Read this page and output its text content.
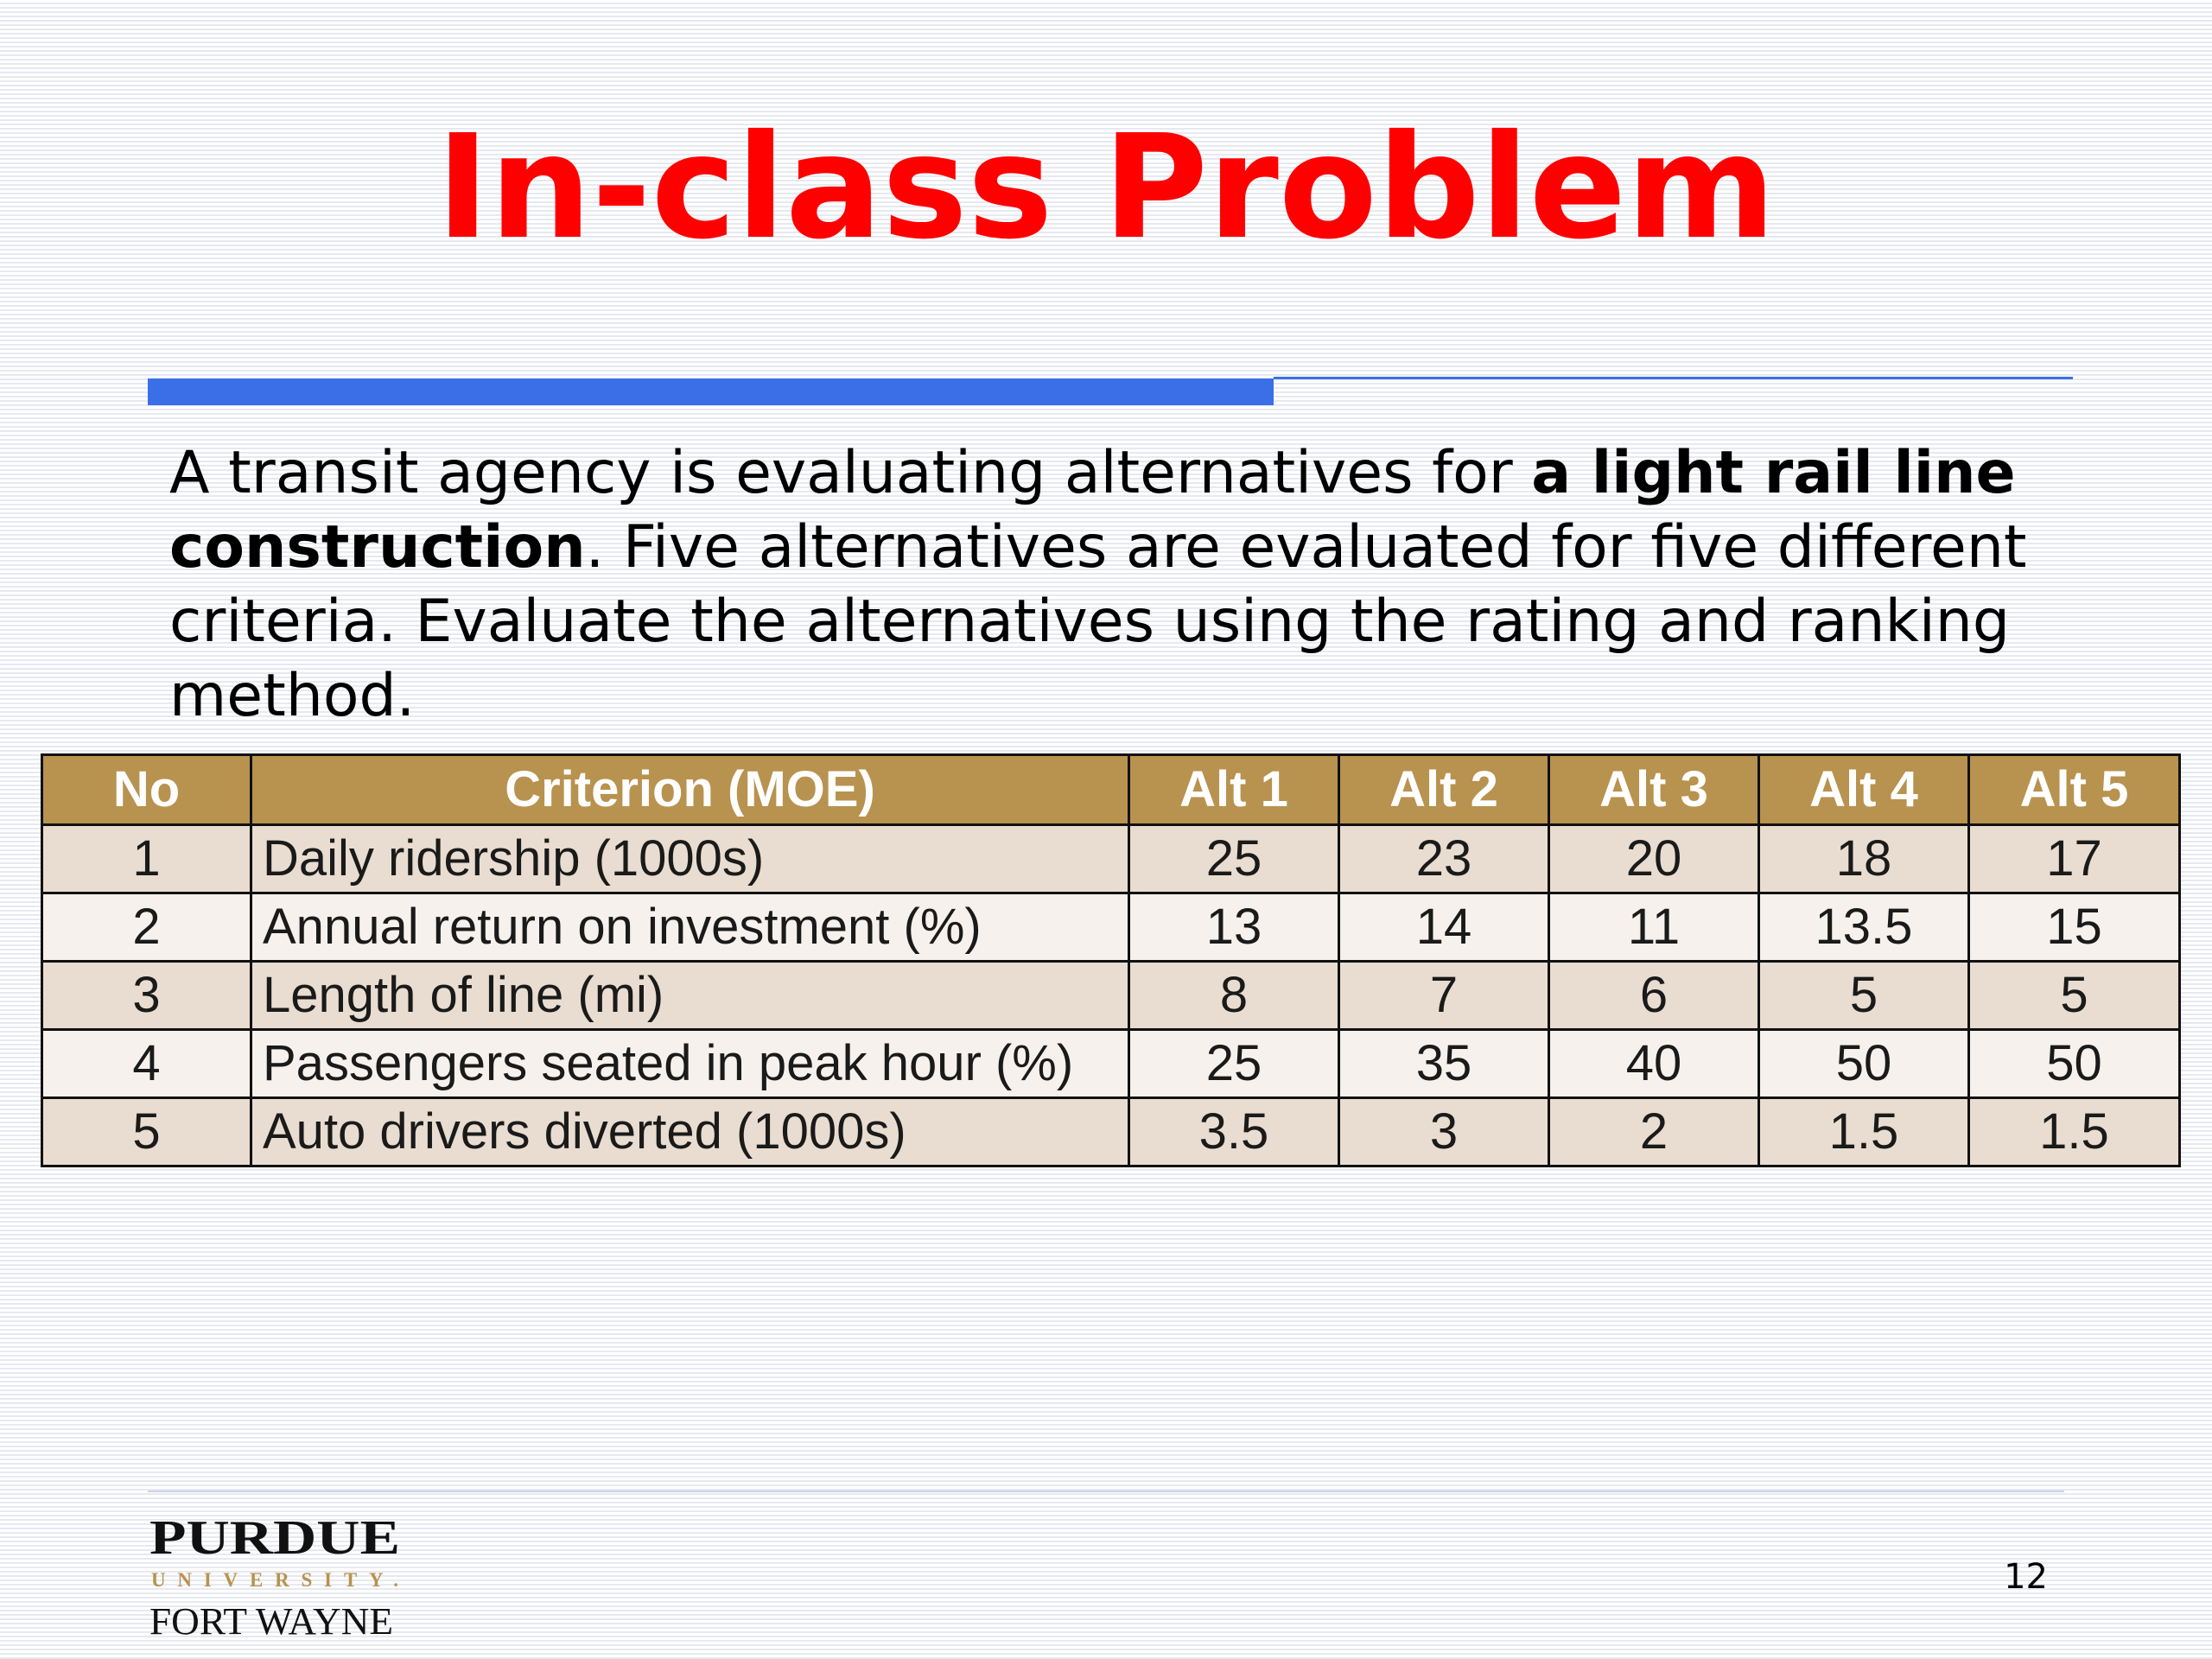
In-class Problem

A transit agency is evaluating alternatives for a light rail line construction. Five alternatives are evaluated for five different criteria. Evaluate the alternatives using the rating and ranking method.

No	Criterion (MOE)	Alt 1	Alt 2	Alt 3	Alt 4	Alt 5
1	Daily ridership (1000s)	25	23	20	18	17
2	Annual return on investment (%)	13	14	11	13.5	15
3	Length of line (mi)	8	7	6	5	5
4	Passengers seated in peak hour (%)	25	35	40	50	50
5	Auto drivers diverted (1000s)	3.5	3	2	1.5	1.5
PURDUE
UNIVERSITY.
FORT WAYNE
12
